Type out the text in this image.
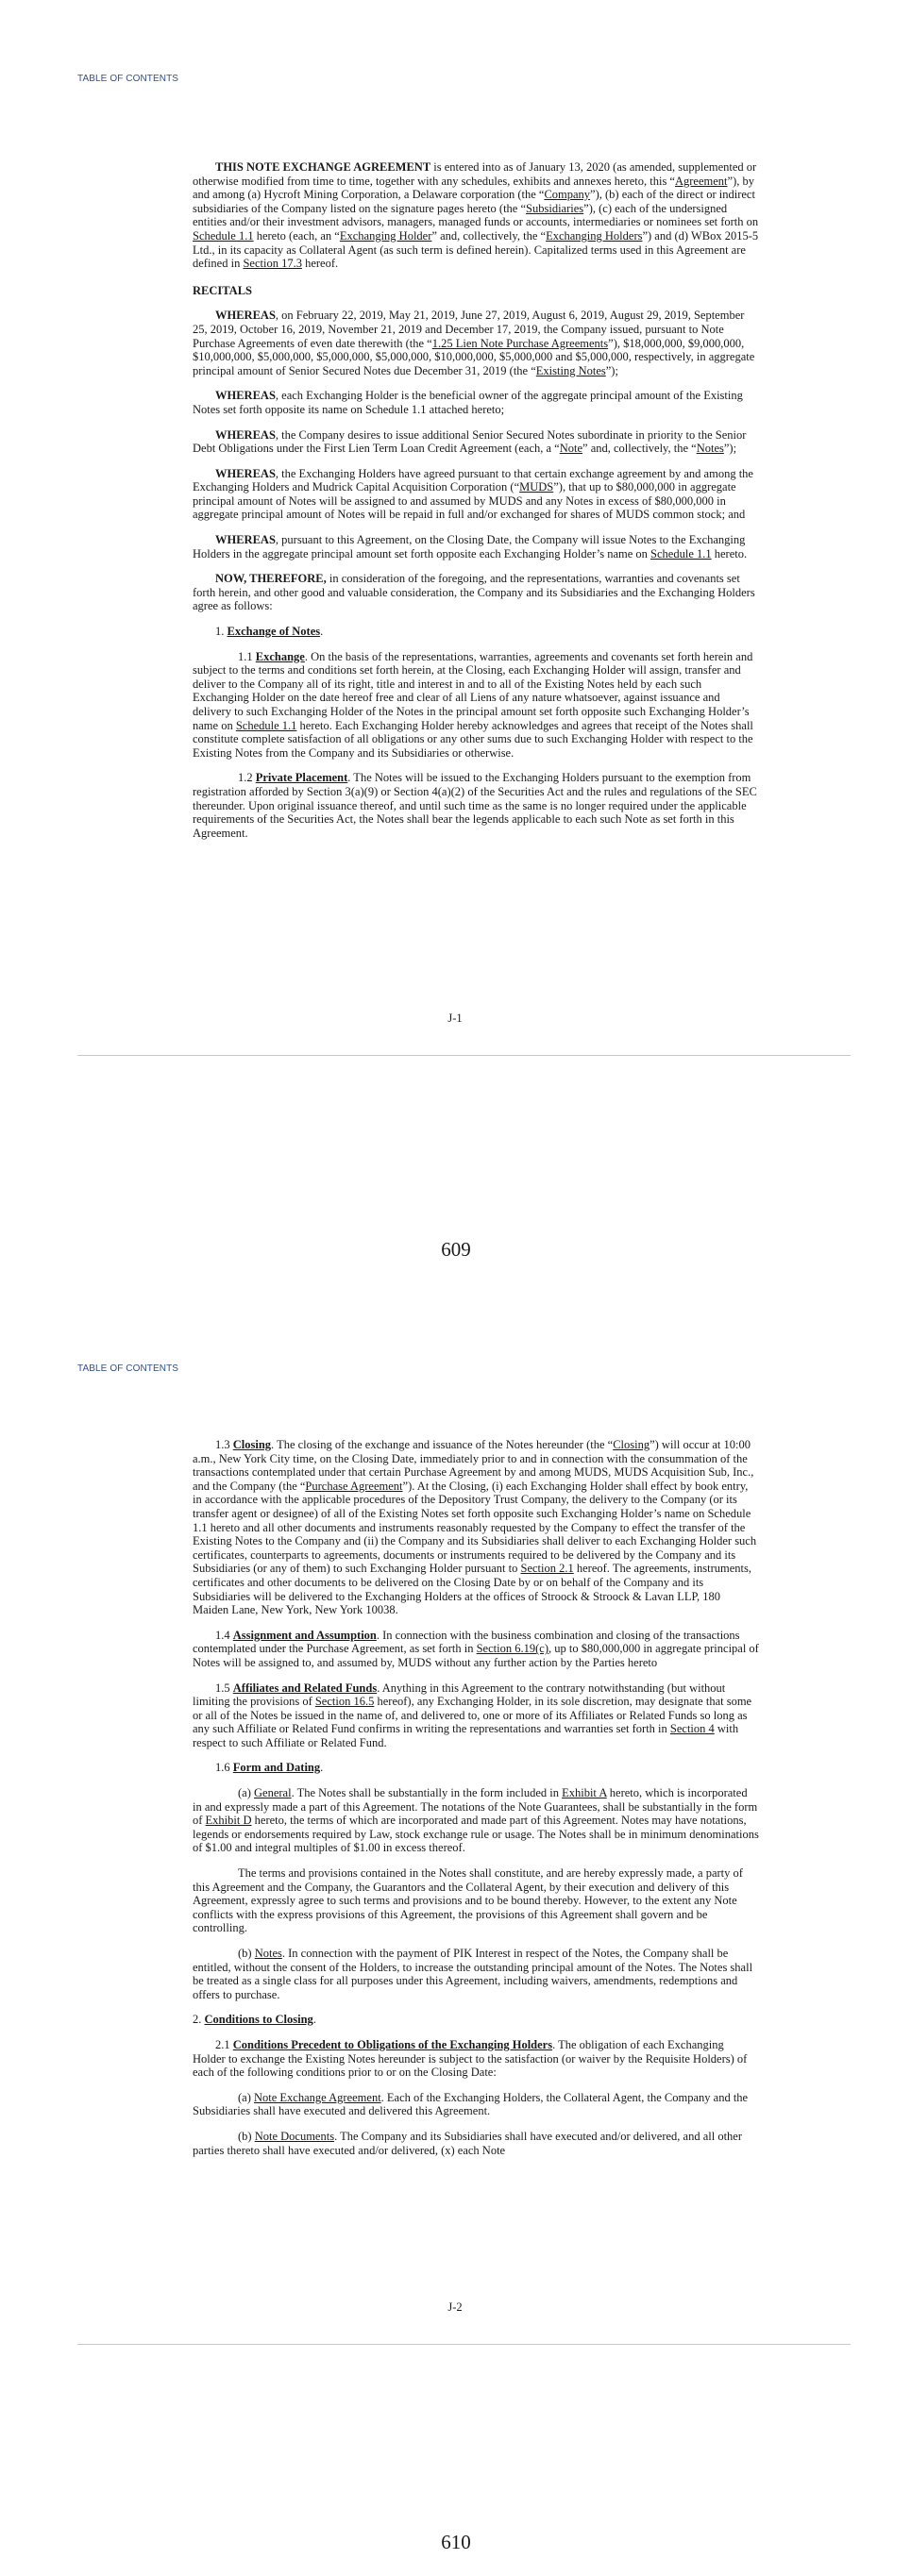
TABLE OF CONTENTS

THIS NOTE EXCHANGE AGREEMENT is entered into as of January 13, 2020 (as amended, supplemented or otherwise modified from time to time, together with any schedules, exhibits and annexes hereto, this “Agreement”), by and among (a) Hycroft Mining Corporation, a Delaware corporation (the “Company”), (b) each of the direct or indirect subsidiaries of the Company listed on the signature pages hereto (the “Subsidiaries”), (c) each of the undersigned entities and/or their investment advisors, managers, managed funds or accounts, intermediaries or nominees set forth on Schedule 1.1 hereto (each, an “Exchanging Holder” and, collectively, the “Exchanging Holders”) and (d) WBox 2015-5 Ltd., in its capacity as Collateral Agent (as such term is defined herein). Capitalized terms used in this Agreement are defined in Section 17.3 hereof.

RECITALS

WHEREAS, on February 22, 2019, May 21, 2019, June 27, 2019, August 6, 2019, August 29, 2019, September 25, 2019, October 16, 2019, November 21, 2019 and December 17, 2019, the Company issued, pursuant to Note Purchase Agreements of even date therewith (the “1.25 Lien Note Purchase Agreements”), $18,000,000, $9,000,000, $10,000,000, $5,000,000, $5,000,000, $5,000,000, $10,000,000, $5,000,000 and $5,000,000, respectively, in aggregate principal amount of Senior Secured Notes due December 31, 2019 (the “Existing Notes”);

WHEREAS, each Exchanging Holder is the beneficial owner of the aggregate principal amount of the Existing Notes set forth opposite its name on Schedule 1.1 attached hereto;

WHEREAS, the Company desires to issue additional Senior Secured Notes subordinate in priority to the Senior Debt Obligations under the First Lien Term Loan Credit Agreement (each, a “Note” and, collectively, the “Notes”);

WHEREAS, the Exchanging Holders have agreed pursuant to that certain exchange agreement by and among the Exchanging Holders and Mudrick Capital Acquisition Corporation (“MUDS”), that up to $80,000,000 in aggregate principal amount of Notes will be assigned to and assumed by MUDS and any Notes in excess of $80,000,000 in aggregate principal amount of Notes will be repaid in full and/or exchanged for shares of MUDS common stock; and

WHEREAS, pursuant to this Agreement, on the Closing Date, the Company will issue Notes to the Exchanging Holders in the aggregate principal amount set forth opposite each Exchanging Holder’s name on Schedule 1.1 hereto.

NOW, THEREFORE, in consideration of the foregoing, and the representations, warranties and covenants set forth herein, and other good and valuable consideration, the Company and its Subsidiaries and the Exchanging Holders agree as follows:

1. Exchange of Notes.

1.1 Exchange. On the basis of the representations, warranties, agreements and covenants set forth herein and subject to the terms and conditions set forth herein, at the Closing, each Exchanging Holder will assign, transfer and deliver to the Company all of its right, title and interest in and to all of the Existing Notes held by each such Exchanging Holder on the date hereof free and clear of all Liens of any nature whatsoever, against issuance and delivery to such Exchanging Holder of the Notes in the principal amount set forth opposite such Exchanging Holder’s name on Schedule 1.1 hereto. Each Exchanging Holder hereby acknowledges and agrees that receipt of the Notes shall constitute complete satisfaction of all obligations or any other sums due to such Exchanging Holder with respect to the Existing Notes from the Company and its Subsidiaries or otherwise.

1.2 Private Placement. The Notes will be issued to the Exchanging Holders pursuant to the exemption from registration afforded by Section 3(a)(9) or Section 4(a)(2) of the Securities Act and the rules and regulations of the SEC thereunder. Upon original issuance thereof, and until such time as the same is no longer required under the applicable requirements of the Securities Act, the Notes shall bear the legends applicable to each such Note as set forth in this Agreement.

J-1
609
TABLE OF CONTENTS

1.3 Closing. The closing of the exchange and issuance of the Notes hereunder (the “Closing”) will occur at 10:00 a.m., New York City time, on the Closing Date, immediately prior to and in connection with the consummation of the transactions contemplated under that certain Purchase Agreement by and among MUDS, MUDS Acquisition Sub, Inc., and the Company (the “Purchase Agreement”). At the Closing, (i) each Exchanging Holder shall effect by book entry, in accordance with the applicable procedures of the Depository Trust Company, the delivery to the Company (or its transfer agent or designee) of all of the Existing Notes set forth opposite such Exchanging Holder’s name on Schedule 1.1 hereto and all other documents and instruments reasonably requested by the Company to effect the transfer of the Existing Notes to the Company and (ii) the Company and its Subsidiaries shall deliver to each Exchanging Holder such certificates, counterparts to agreements, documents or instruments required to be delivered by the Company and its Subsidiaries (or any of them) to such Exchanging Holder pursuant to Section 2.1 hereof. The agreements, instruments, certificates and other documents to be delivered on the Closing Date by or on behalf of the Company and its Subsidiaries will be delivered to the Exchanging Holders at the offices of Stroock & Stroock & Lavan LLP, 180 Maiden Lane, New York, New York 10038.

1.4 Assignment and Assumption. In connection with the business combination and closing of the transactions contemplated under the Purchase Agreement, as set forth in Section 6.19(c), up to $80,000,000 in aggregate principal of Notes will be assigned to, and assumed by, MUDS without any further action by the Parties hereto

1.5 Affiliates and Related Funds. Anything in this Agreement to the contrary notwithstanding (but without limiting the provisions of Section 16.5 hereof), any Exchanging Holder, in its sole discretion, may designate that some or all of the Notes be issued in the name of, and delivered to, one or more of its Affiliates or Related Funds so long as any such Affiliate or Related Fund confirms in writing the representations and warranties set forth in Section 4 with respect to such Affiliate or Related Fund.

1.6 Form and Dating.

(a) General. The Notes shall be substantially in the form included in Exhibit A hereto, which is incorporated in and expressly made a part of this Agreement. The notations of the Note Guarantees, shall be substantially in the form of Exhibit D hereto, the terms of which are incorporated and made part of this Agreement. Notes may have notations, legends or endorsements required by Law, stock exchange rule or usage. The Notes shall be in minimum denominations of $1.00 and integral multiples of $1.00 in excess thereof.

The terms and provisions contained in the Notes shall constitute, and are hereby expressly made, a party of this Agreement and the Company, the Guarantors and the Collateral Agent, by their execution and delivery of this Agreement, expressly agree to such terms and provisions and to be bound thereby. However, to the extent any Note conflicts with the express provisions of this Agreement, the provisions of this Agreement shall govern and be controlling.

(b) Notes. In connection with the payment of PIK Interest in respect of the Notes, the Company shall be entitled, without the consent of the Holders, to increase the outstanding principal amount of the Notes. The Notes shall be treated as a single class for all purposes under this Agreement, including waivers, amendments, redemptions and offers to purchase.

2. Conditions to Closing.

2.1 Conditions Precedent to Obligations of the Exchanging Holders. The obligation of each Exchanging Holder to exchange the Existing Notes hereunder is subject to the satisfaction (or waiver by the Requisite Holders) of each of the following conditions prior to or on the Closing Date:

(a) Note Exchange Agreement. Each of the Exchanging Holders, the Collateral Agent, the Company and the Subsidiaries shall have executed and delivered this Agreement.

(b) Note Documents. The Company and its Subsidiaries shall have executed and/or delivered, and all other parties thereto shall have executed and/or delivered, (x) each Note

J-2
610
